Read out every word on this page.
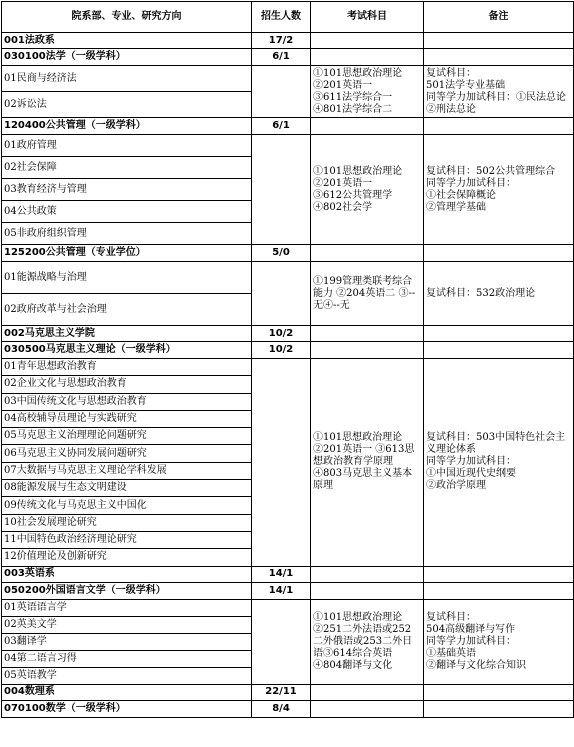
院系部、专业、研究方向	招生人数	考试科目	备注
001法政系	17/2		
030100法学（一级学科）	6/1		
01民商与经济法		①101思想政治理论
②201英语一
③611法学综合一
④801法学综合二	复试科目：
501法学专业基础
同等学力加试科目：①民法总论②刑法总论
02诉讼法			
120400公共管理（一级学科）	6/1		
01政府管理		①101思想政治理论
②201英语一
③612公共管理学
④802社会学	复试科目：502公共管理综合
同等学力加试科目：
①社会保障概论
②管理学基础
02社会保障			
03教育经济与管理			
04公共政策			
05非政府组织管理			
125200公共管理（专业学位）	5/0		
01能源战略与治理		①199管理类联考综合能力 ②204英语二 ③--无④--无	复试科目：532政治理论
02政府改革与社会治理			
002马克思主义学院	10/2		
030500马克思主义理论（一级学科）	10/2		
01青年思想政治教育		①101思想政治理论
②201英语一 ③613思想政治教育学原理
④803马克思主义基本原理	复试科目：503中国特色社会主义理论体系
同等学力加试科目：
①中国近现代史纲要
②政治学原理
02企业文化与思想政治教育			
03中国传统文化与思想政治教育			
04高校辅导员理论与实践研究			
05马克思主义治理理论问题研究			
06马克思主义协同发展问题研究			
07大数据与马克思主义理论学科发展			
08能源发展与生态文明建设			
09传统文化与马克思主义中国化			
10社会发展理论研究			
11中国特色政治经济理论研究			
12价值理论及创新研究			
003英语系	14/1		
050200外国语言文学（一级学科）	14/1		
01英语语言学		①101思想政治理论
②251二外法语或252二外俄语或253二外日语③614综合英语
④804翻译与文化	复试科目：
504高级翻译与写作
同等学力加试科目：
①基础英语
②翻译与文化综合知识
02英美文学			
03翻译学			
04第二语言习得			
05英语教学			
004数理系	22/11		
070100数学（一级学科）	8/4		
